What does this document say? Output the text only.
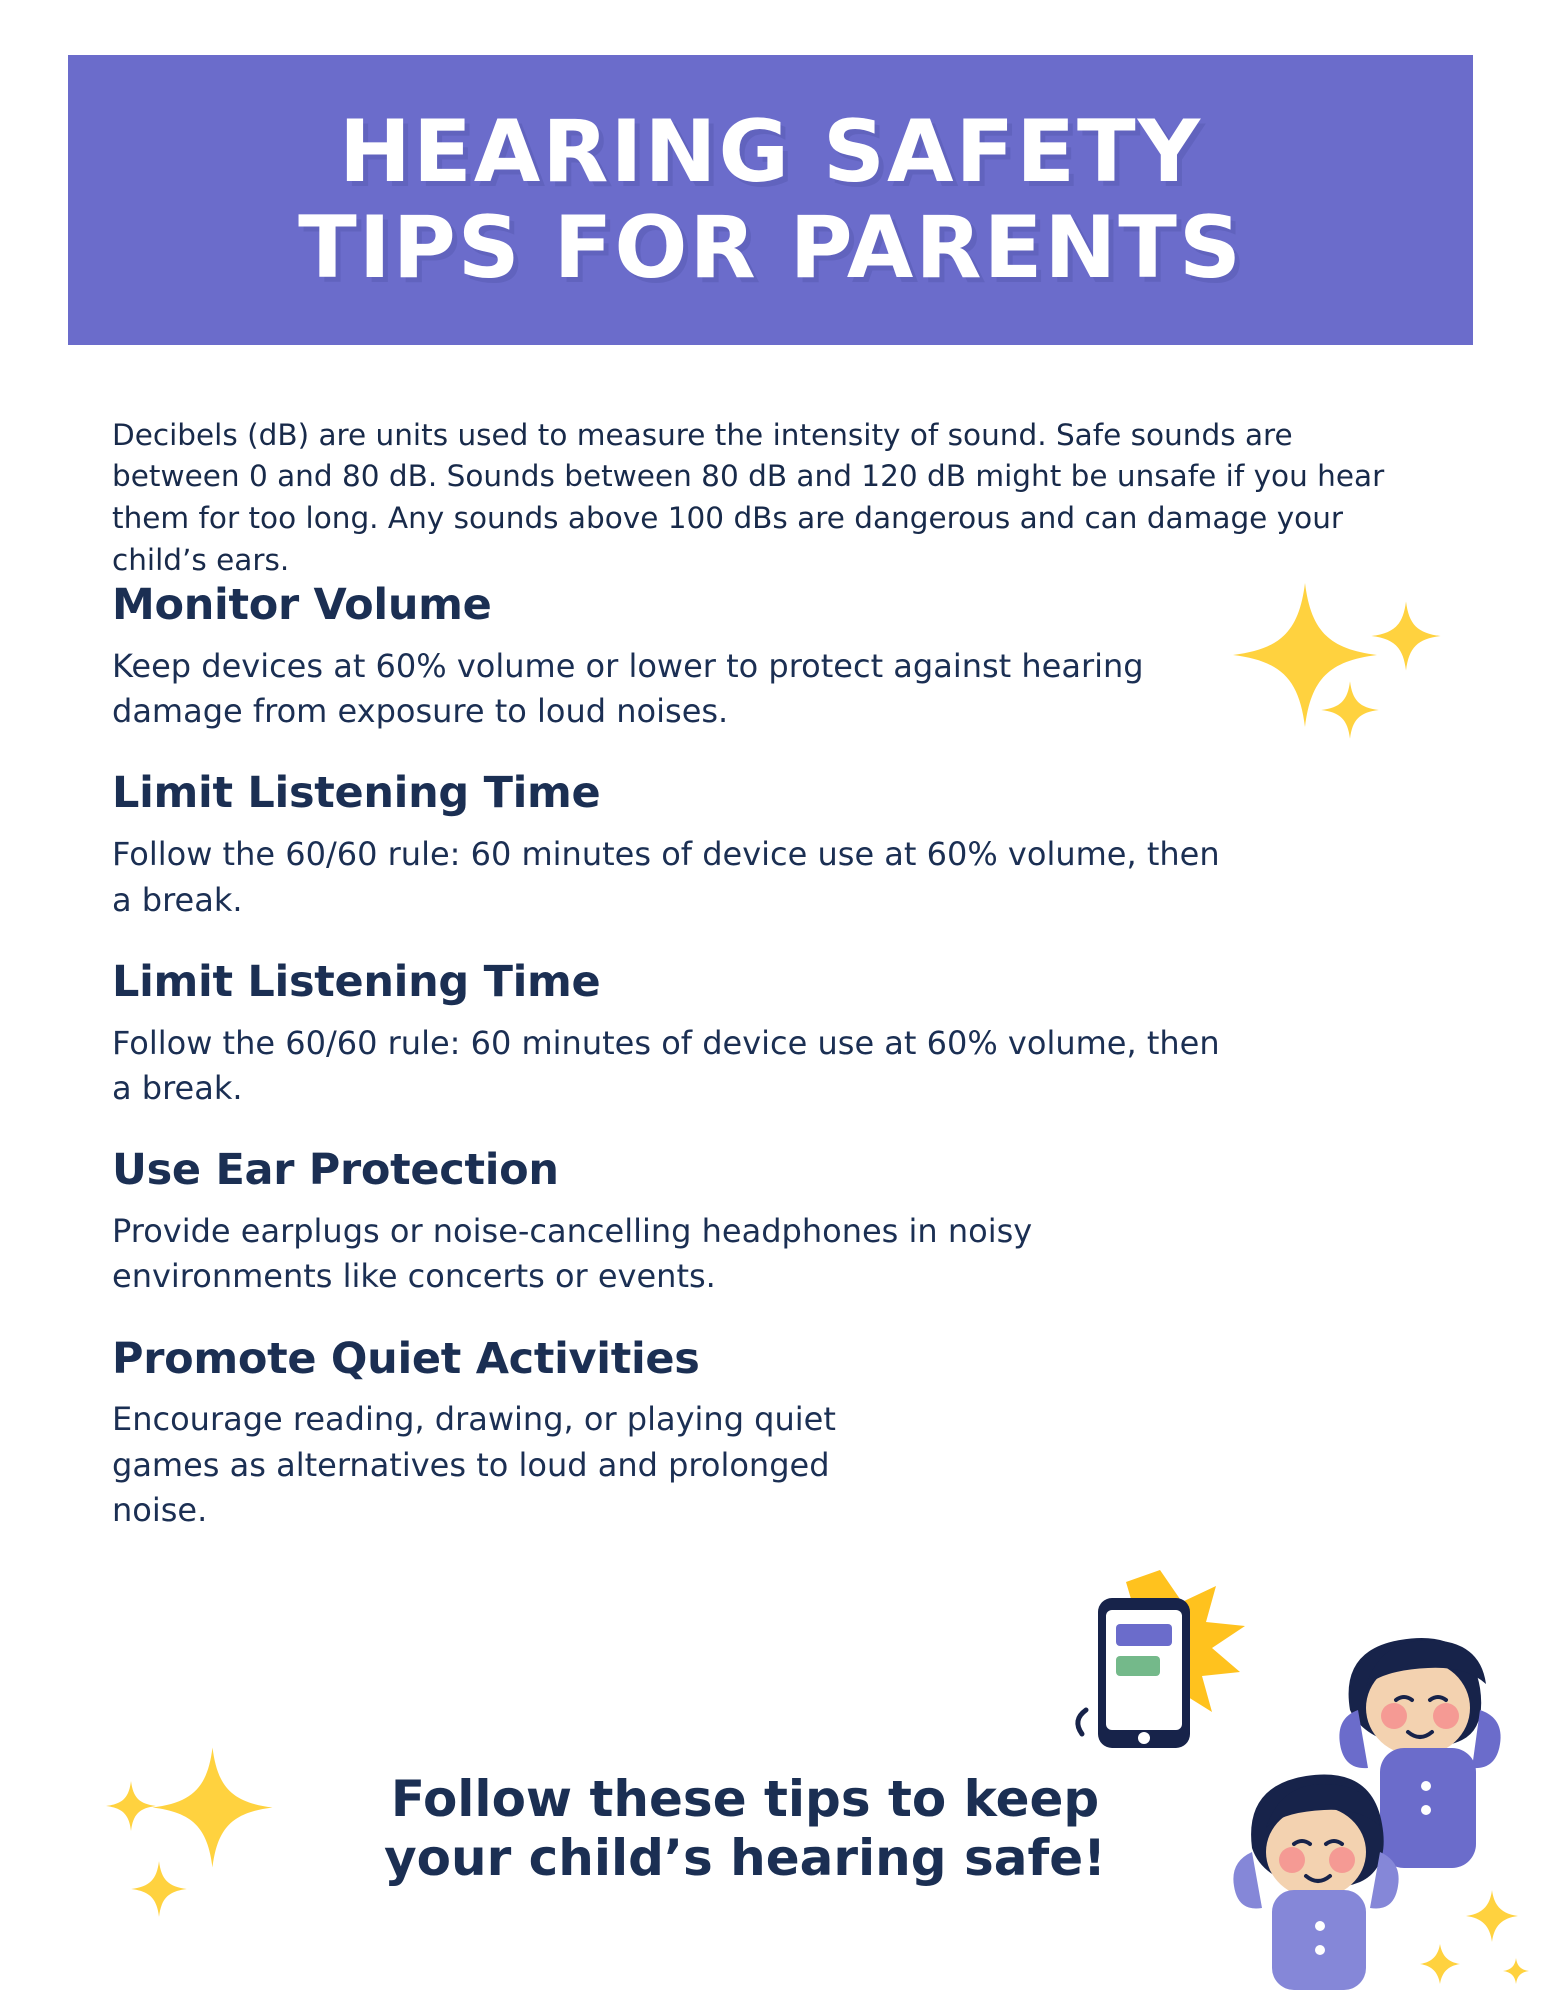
HEARING SAFETY
TIPS FOR PARENTS

Decibels (dB) are units used to measure the intensity of sound. Safe sounds are between 0 and 80 dB. Sounds between 80 dB and 120 dB might be unsafe if you hear them for too long. Any sounds above 100 dBs are dangerous and can damage your child’s ears.

Monitor Volume

Keep devices at 60% volume or lower to protect against hearing damage from exposure to loud noises.

Limit Listening Time

Follow the 60/60 rule: 60 minutes of device use at 60% volume, then a break.

Limit Listening Time

Follow the 60/60 rule: 60 minutes of device use at 60% volume, then a break.

Use Ear Protection

Provide earplugs or noise-cancelling headphones in noisy environments like concerts or events.

Promote Quiet Activities

Encourage reading, drawing, or playing quiet games as alternatives to loud and prolonged noise.

Follow these tips to keep
your child’s hearing safe!
